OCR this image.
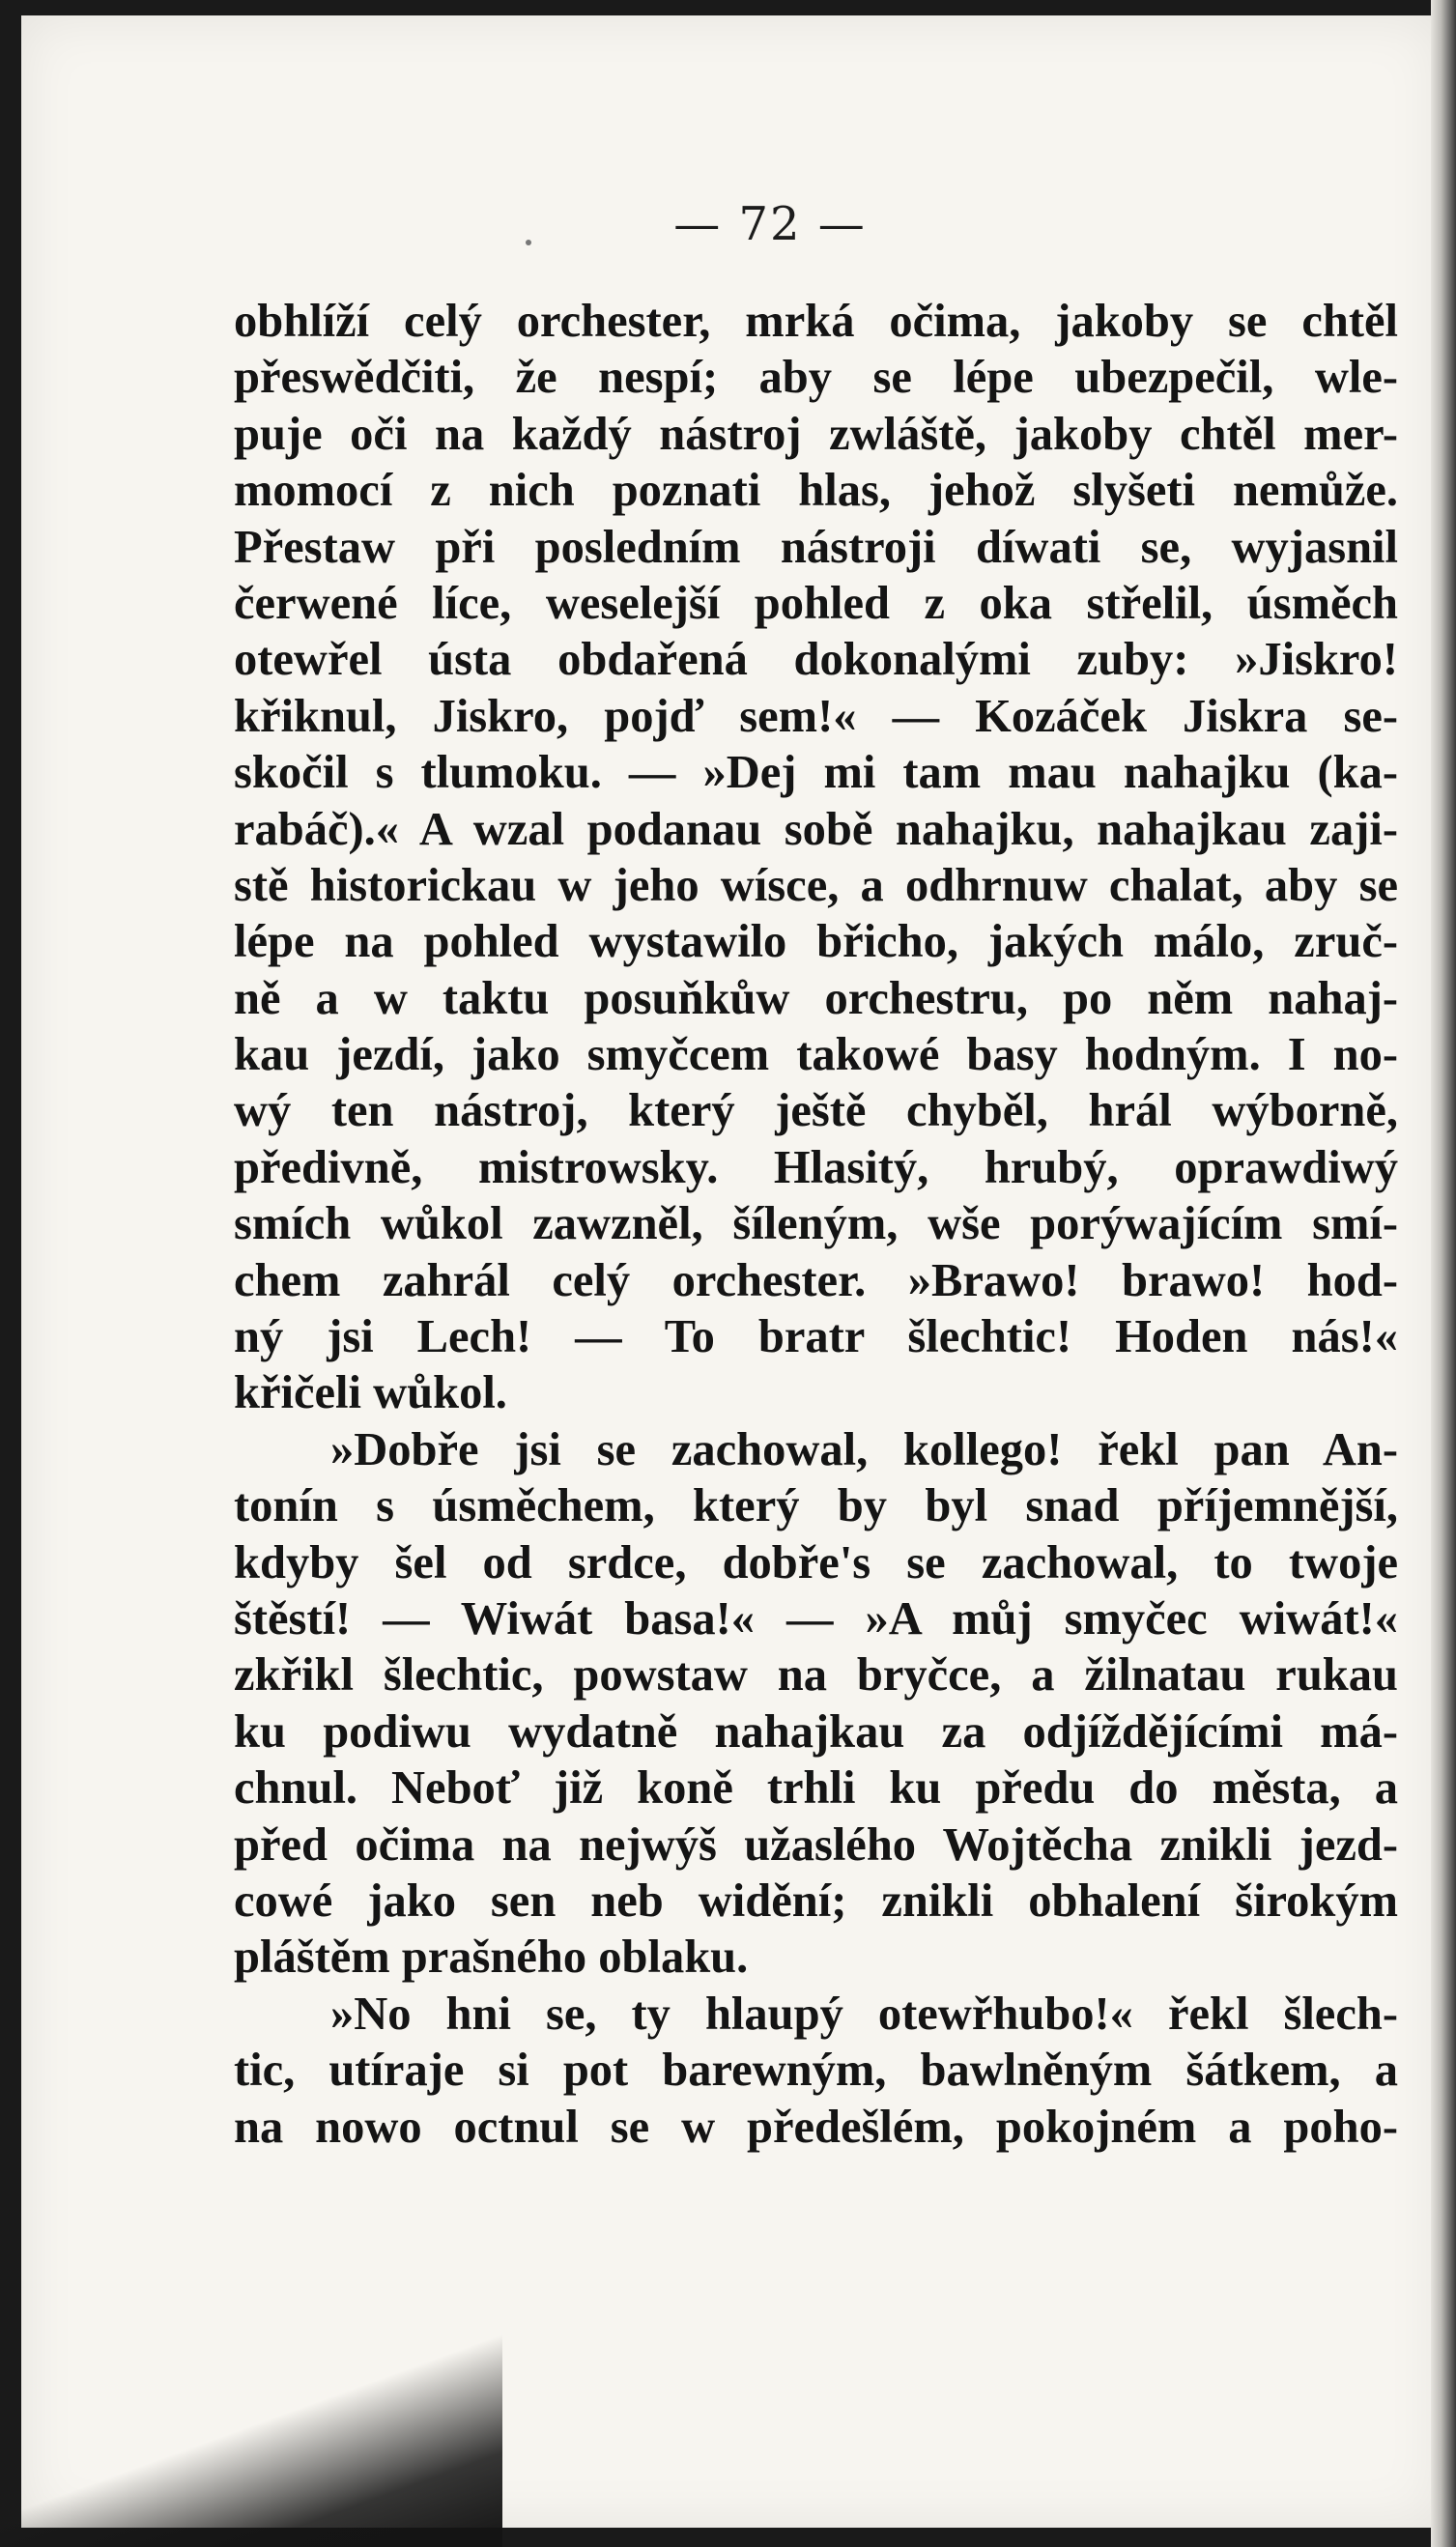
— 72 —
obhlíží celý orchester, mrká očima, jakoby se chtěl
přeswědčiti, že nespí; aby se lépe ubezpečil, wle-
puje oči na každý nástroj zwláště, jakoby chtěl mer-
momocí z nich poznati hlas, jehož slyšeti nemůže.
Přestaw při posledním nástroji díwati se, wyjasnil
čerwené líce, weselejší pohled z oka střelil, úsměch
otewřel ústa obdařená dokonalými zuby: »Jiskro!
křiknul, Jiskro, pojď sem!« — Kozáček Jiskra se-
skočil s tlumoku. — »Dej mi tam mau nahajku (ka-
rabáč).« A wzal podanau sobě nahajku, nahajkau zaji-
stě historickau w jeho wísce, a odhrnuw chalat, aby se
lépe na pohled wystawilo břicho, jakých málo, zruč-
ně a w taktu posuňkůw orchestru, po něm nahaj-
kau jezdí, jako smyčcem takowé basy hodným. I no-
wý ten nástroj, který ještě chyběl, hrál wýborně,
předivně, mistrowsky. Hlasitý, hrubý, oprawdiwý
smích wůkol zawzněl, šíleným, wše porýwajícím smí-
chem zahrál celý orchester. »Brawo! brawo! hod-
ný jsi Lech! — To bratr šlechtic! Hoden nás!«
křičeli wůkol.
»Dobře jsi se zachowal, kollego! řekl pan An-
tonín s úsměchem, který by byl snad příjemnější,
kdyby šel od srdce, dobře's se zachowal, to twoje
štěstí! — Wiwát basa!« — »A můj smyčec wiwát!«
zkřikl šlechtic, powstaw na bryčce, a žilnatau rukau
ku podiwu wydatně nahajkau za odjíždějícími má-
chnul. Neboť již koně trhli ku předu do města, a
před očima na nejwýš užaslého Wojtěcha znikli jezd-
cowé jako sen neb widění; znikli obhalení širokým
pláštěm prašného oblaku.
»No hni se, ty hlaupý otewřhubo!« řekl šlech-
tic, utíraje si pot barewným, bawlněným šátkem, a
na nowo octnul se w předešlém, pokojném a poho-
